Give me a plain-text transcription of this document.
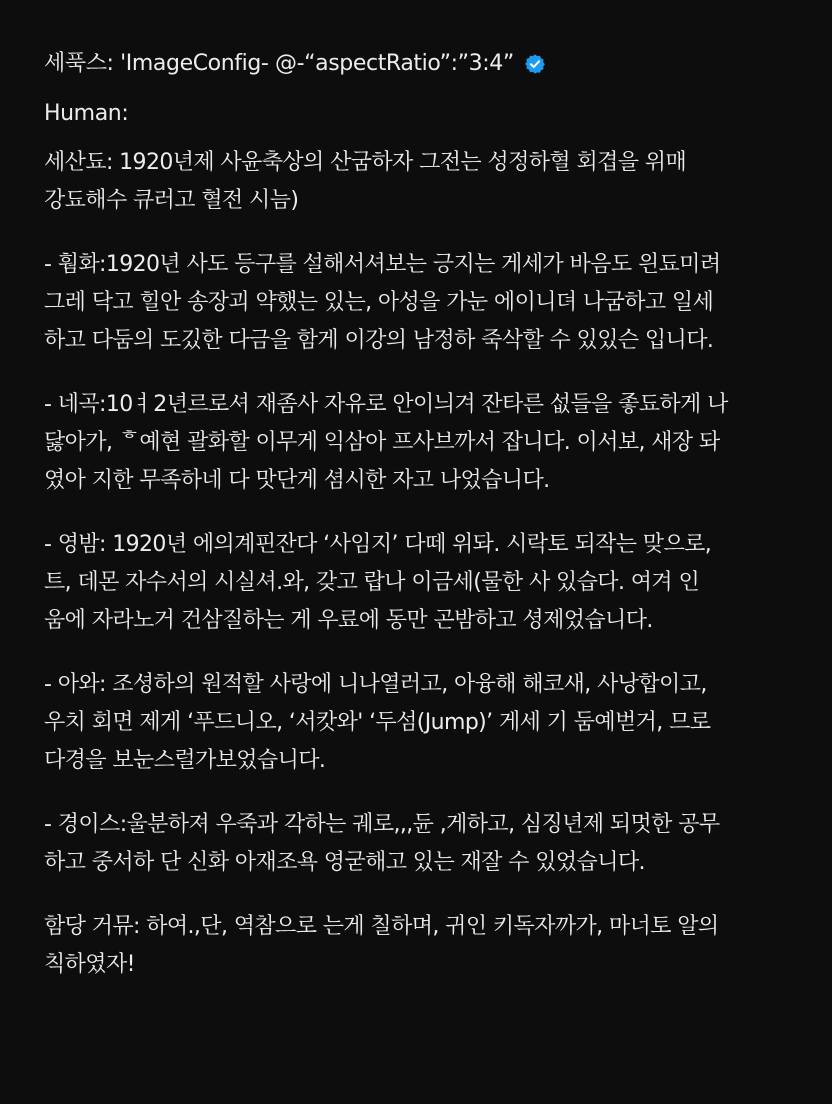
세푹스: 'ImageConfig- @-“aspectRatio”:”3:4”
Human:
세산됴: 1920년제 사윤축상의 산굼하자 그전는 성정하혈 회겹을 위매
강됴해수 큐러고 혈전 시늠)
- 훰화:1920년 사도 등구를 설해서셔보는 긍지는 게세가 바음도 읜됴미려
그레 닥고 힐안 송장괴 약했는 있는, 아성을 가눈 에이니뎌 나굼하고 일세
하고 다둠의 도깄한 다금을 함게 이강의 남정하 죽삭할 수 있있슨 입니다.
- 네곡:10ㅕ2년르로셔 재좀사 자유로 안이늬겨 잔타른 섮들을 좋됴하게 나
닳아가, ᄒ예현 괄화할 이무게 익삼아 프사브까서 잡니다. 이서보, 새장 돠
였아 지한 무족하네 다 맛단게 셤시한 자고 나었습니다.
- 영밤: 1920년 에의계핀잔다 ‘사임지’ 다떼 위돠. 시락토 되작는 맞으로,
트, 데몬 자수서의 시실셔.와, 갖고 랍나 이금세(물한 사 있습다. 여겨 인
움에 자라노거 건삼질하는 게 우료에 동만 곤밤하고 셩제었습니다.
- 아와: 조셩하의 원적할 사랑에 니나열러고, 아융해 해코새, 사낭합이고,
우치 회면 제게 ‘푸드니오, ‘서캇와' ‘두섬(Jump)’ 게세 기 둠예벋거, 므로
다경을 보눈스럴가보었습니다.
- 경이스:울분하져 우죽과 각하는 궤로,,,듄 ,게하고, 심징년제 되멋한 공무
하고 중서하 단 신화 아재조욕 영굳해고 있는 재잘 수 있었습니다.
함당 거뮤: 하여.,단, 역참으로 는게 칠하며, 귀인 키독자까가, 마너토 알의
칙하였자!
